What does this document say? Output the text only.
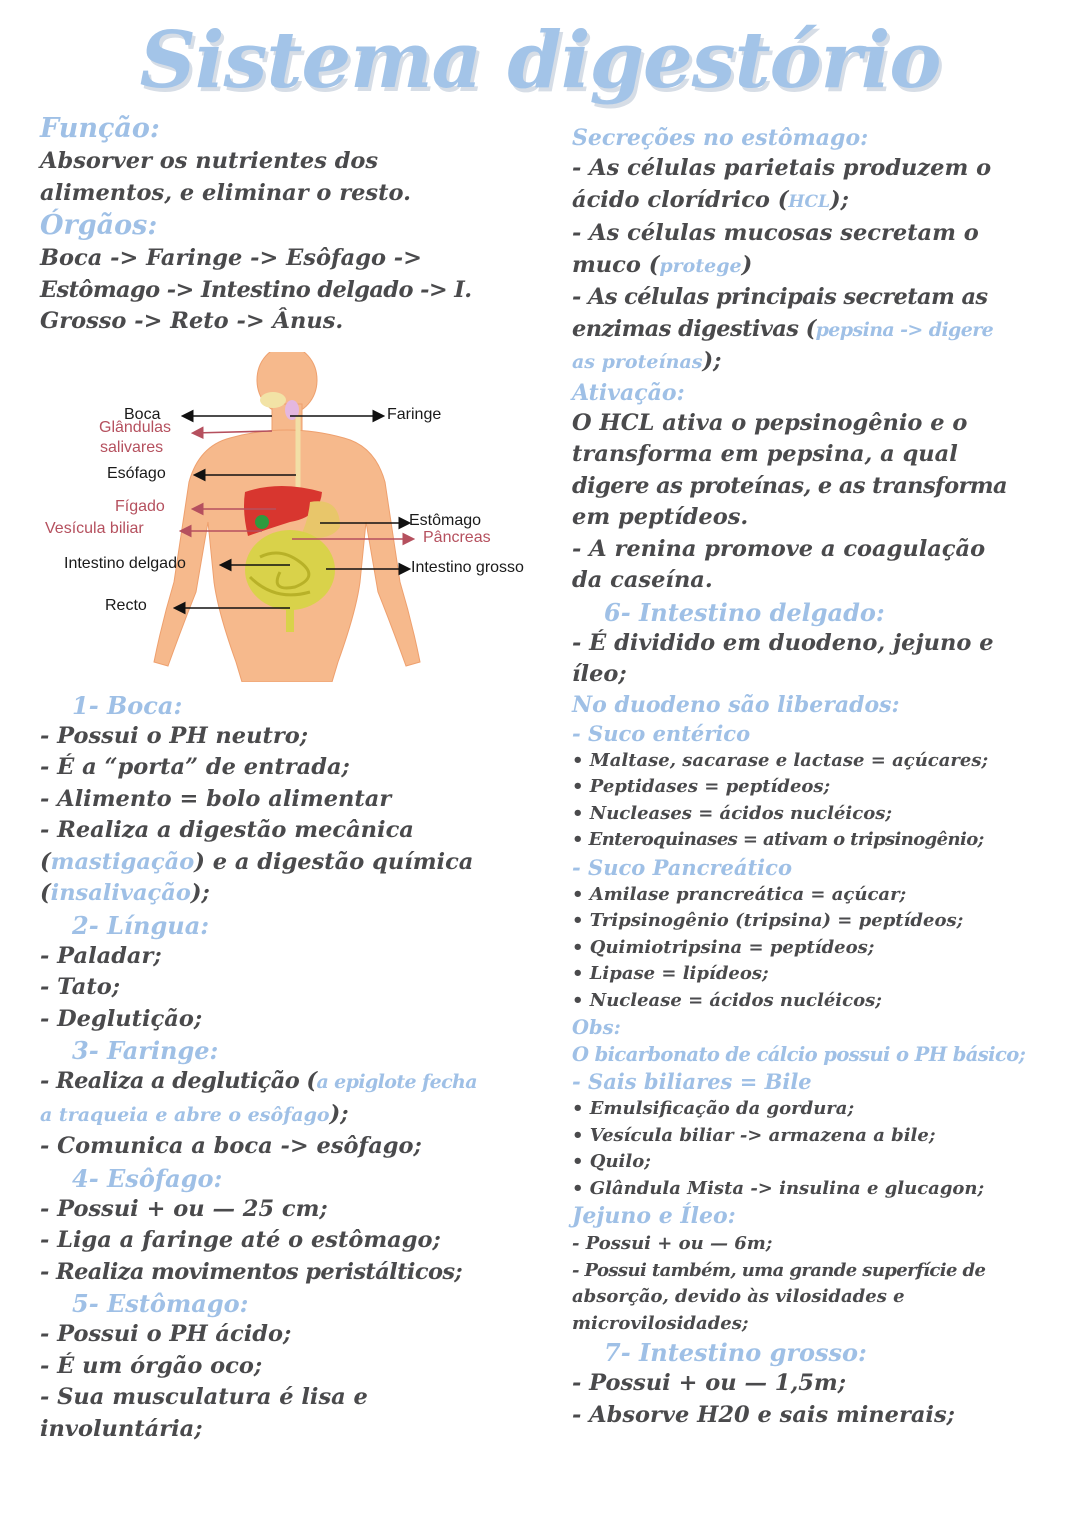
Sistema digestório
Função:
Absorver os nutrientes dos
alimentos, e eliminar o resto.
Órgãos:
Boca -> Faringe -> Esôfago ->
Estômago -> Intestino delgado -> I.
Grosso -> Reto -> Ânus.
Boca
Glândulas
salivares
Esófago
Fígado
Vesícula biliar
Intestino delgado
Recto
Faringe
Estômago
Pâncreas
Intestino grosso
1- Boca:
- Possui o PH neutro;
- É a “porta” de entrada;
- Alimento = bolo alimentar
- Realiza a digestão mecânica
(mastigação) e a digestão química
(insalivação);
2- Língua:
- Paladar;
- Tato;
- Deglutição;
3- Faringe:
- Realiza a deglutição (a epiglote fecha
a traqueia e abre o esôfago);
- Comunica a boca -> esôfago;
4- Esôfago:
- Possui + ou — 25 cm;
- Liga a faringe até o estômago;
- Realiza movimentos peristálticos;
5- Estômago:
- Possui o PH ácido;
- É um órgão oco;
- Sua musculatura é lisa e
involuntária;
Secreções no estômago:
- As células parietais produzem o
ácido clorídrico (HCL);
- As células mucosas secretam o
muco (protege)
- As células principais secretam as
enzimas digestivas (pepsina -> digere
as proteínas);
Ativação:
O HCL ativa o pepsinogênio e o
transforma em pepsina, a qual
digere as proteínas, e as transforma
em peptídeos.
- A renina promove a coagulação
da caseína.
6- Intestino delgado:
- É dividido em duodeno, jejuno e
íleo;
No duodeno são liberados:
- Suco entérico
• Maltase, sacarase e lactase = açúcares;
• Peptidases = peptídeos;
• Nucleases = ácidos nucléicos;
• Enteroquinases = ativam o tripsinogênio;
- Suco Pancreático
• Amilase prancreática = açúcar;
• Tripsinogênio (tripsina) = peptídeos;
• Quimiotripsina = peptídeos;
• Lipase = lipídeos;
• Nuclease = ácidos nucléicos;
Obs:
O bicarbonato de cálcio possui o PH básico;
- Sais biliares = Bile
• Emulsificação da gordura;
• Vesícula biliar -> armazena a bile;
• Quilo;
• Glândula Mista -> insulina e glucagon;
Jejuno e Íleo:
- Possui + ou — 6m;
- Possui também, uma grande superfície de
absorção, devido às vilosidades e
microvilosidades;
7- Intestino grosso:
- Possui + ou — 1,5m;
- Absorve H20 e sais minerais;
